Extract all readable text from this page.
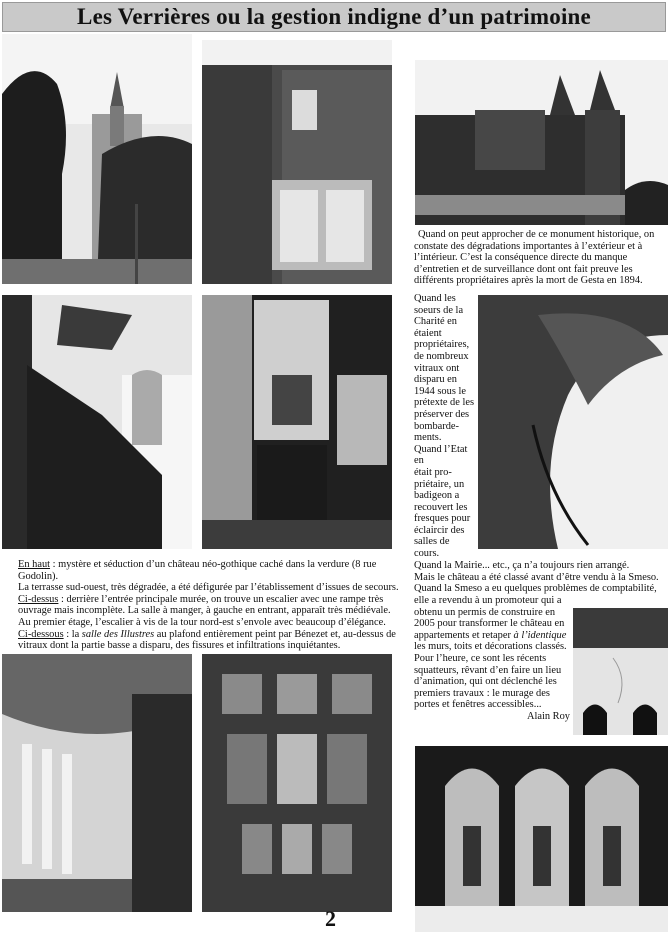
Les Verrières ou la gestion indigne d’un patrimoine
Quand on peut approcher de ce monument historique, on constate des dégradations importantes à l’extérieur et à l’intérieur. C’est la conséquence directe du manque d’entretien et de surveillance dont ont fait preuve les différents propriétaires après la mort de Gesta en 1894.
Quand les
soeurs de la
Charité en
étaient
propriétaires,
de nombreux
vitraux ont
disparu en
1944 sous le
prétexte de les
préserver des
bombarde-
ments.
Quand l’Etat en
était pro-
priétaire, un
badigeon a
recouvert les
fresques pour
éclaircir des
salles de cours.
En haut : mystère et séduction d’un château néo-gothique caché dans la verdure (8 rue Godolin).
La terrasse sud-ouest, très dégradée, a été défigurée par l’établissement d’issues de secours.
Ci-dessus : derrière l’entrée principale murée, on trouve un escalier avec une rampe très ouvrage mais incomplète. La salle à manger, à gauche en entrant, apparaît très médiévale. Au premier étage, l’escalier à vis de la tour nord-est s’envole avec beaucoup d’élégance.
Ci-dessous : la salle des Illustres au plafond entièrement peint par Bénezet et, au-dessus de vitraux dont la partie basse a disparu, des fissures et infiltrations inquiétantes.
Quand la Mairie... etc., ça n’a toujours rien arrangé.
Mais le château a été classé avant d’être vendu à la Smeso.
Quand la Smeso a eu quelques problèmes de comptabilité,
elle a revendu à un promoteur qui a
obtenu un permis de construire en
2005 pour transformer le château en
appartements et retaper à l’identique
les murs, toits et décorations classés.
Pour l’heure, ce sont les récents
squatteurs, rêvant d’en faire un lieu
d’animation, qui ont déclenché les
premiers travaux : le murage des
portes et fenêtres accessibles...
Alain Roy
2
